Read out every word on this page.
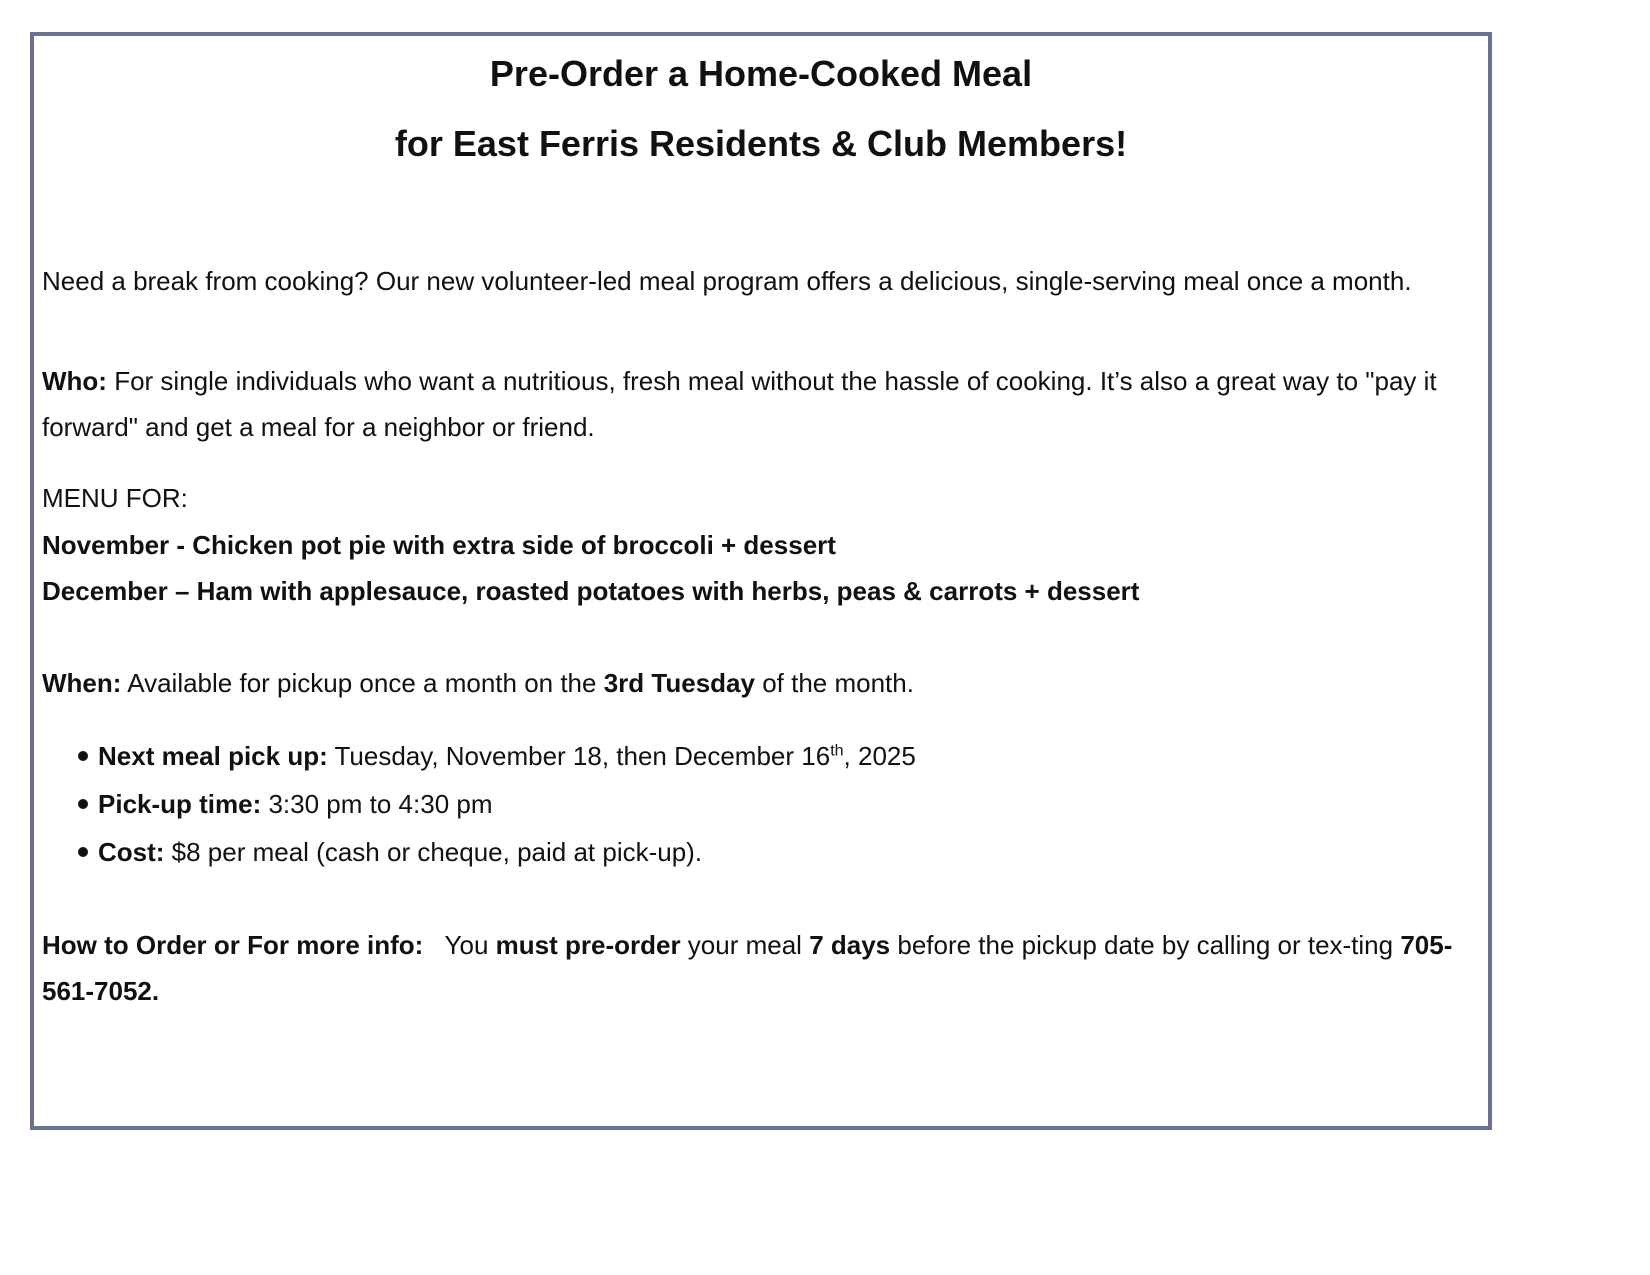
Pre-Order a Home-Cooked Meal
for East Ferris Residents & Club Members!
Need a break from cooking? Our new volunteer-led meal program offers a delicious, single-serving meal once a month.
Who: For single individuals who want a nutritious, fresh meal without the hassle of cooking. It’s also a great way to "pay it forward" and get a meal for a neighbor or friend.
MENU FOR:
November - Chicken pot pie with extra side of broccoli + dessert
December – Ham with applesauce, roasted potatoes with herbs, peas & carrots + dessert
When: Available for pickup once a month on the 3rd Tuesday of the month.
Next meal pick up: Tuesday, November 18, then December 16th, 2025
Pick-up time: 3:30 pm to 4:30 pm
Cost: $8 per meal (cash or cheque, paid at pick-up).
How to Order or For more info:   You must pre-order your meal 7 days before the pickup date by calling or tex-ting 705-561-7052.
